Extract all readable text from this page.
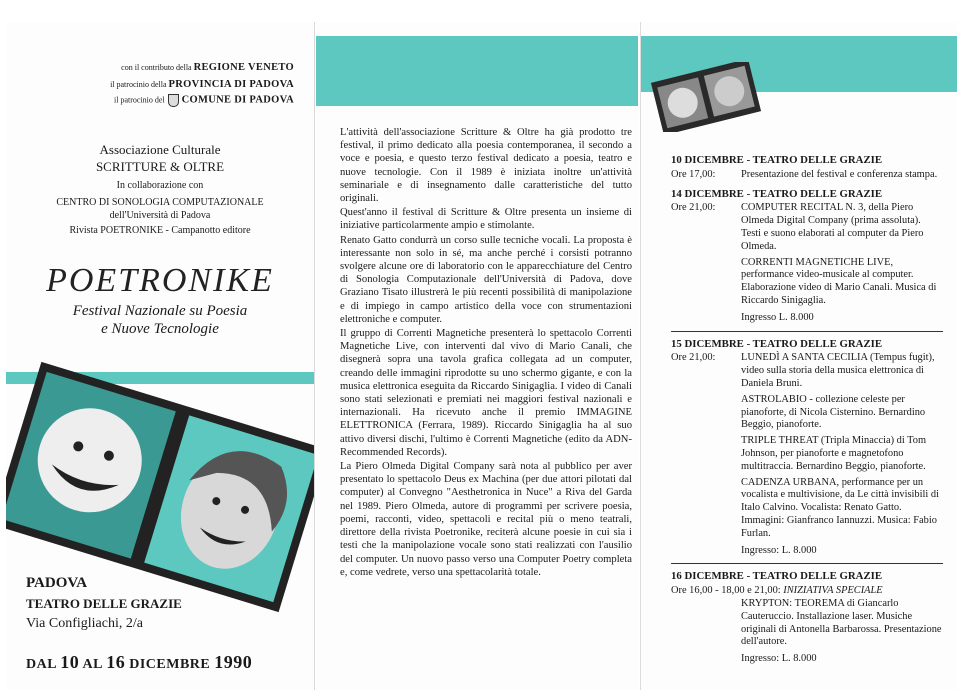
con il contributo della REGIONE VENETO
il patrocinio della PROVINCIA DI PADOVA
il patrocinio del COMUNE DI PADOVA
Associazione Culturale
SCRITTURE & OLTRE
In collaborazione con
CENTRO DI SONOLOGIA COMPUTAZIONALE
dell'Università di Padova
Rivista POETRONIKE - Campanotto editore
POETRONIKE
Festival Nazionale su Poesia
e Nuove Tecnologie
PADOVA
TEATRO DELLE GRAZIE
Via Configliachi, 2/a
DAL 10 AL 16 DICEMBRE 1990

L'attività dell'associazione Scritture & Oltre ha già prodotto tre festival, il primo dedicato alla poesia contemporanea, il secondo a voce e poesia, e questo terzo festival dedicato a poesia, teatro e nuove tecnologie. Con il 1989 è iniziata inoltre un'attività seminariale e di insegnamento dalle caratteristiche del tutto originali.

Quest'anno il festival di Scritture & Oltre presenta un insieme di iniziative particolarmente ampio e stimolante.

Renato Gatto condurrà un corso sulle tecniche vocali. La proposta è interessante non solo in sé, ma anche perché i corsisti potranno svolgere alcune ore di laboratorio con le apparecchiature del Centro di Sonologia Computazionale dell'Università di Padova, dove Graziano Tisato illustrerà le più recenti possibilità di manipolazione e di impiego in campo artistico della voce con strumentazioni elettroniche e computer.

Il gruppo di Correnti Magnetiche presenterà lo spettacolo Correnti Magnetiche Live, con interventi dal vivo di Mario Canali, che disegnerà sopra una tavola grafica collegata ad un computer, creando delle immagini riprodotte su uno schermo gigante, e con la musica elettronica eseguita da Riccardo Sinigaglia. I video di Canali sono stati selezionati e premiati nei maggiori festival nazionali e internazionali. Ha ricevuto anche il premio IMMAGINE ELETTRONICA (Ferrara, 1989). Riccardo Sinigaglia ha al suo attivo diversi dischi, l'ultimo è Correnti Magnetiche (edito da ADN-Recommended Records).

La Piero Olmeda Digital Company sarà nota al pubblico per aver presentato lo spettacolo Deus ex Machina (per due attori pilotati dal computer) al Convegno "Aesthetronica in Nuce" a Riva del Garda nel 1989. Piero Olmeda, autore di programmi per scrivere poesia, poemi, racconti, video, spettacoli e recital più o meno teatrali, direttore della rivista Poetronike, reciterà alcune poesie in cui sia i testi che la manipolazione vocale sono stati realizzati con l'ausilio del computer. Un nuovo passo verso una Computer Poetry completa e, come vedrete, verso una spettacolarità totale.

10 DICEMBRE - TEATRO DELLE GRAZIE
Ore 17,00:	Presentazione del festival e conferenza stampa.
14 DICEMBRE - TEATRO DELLE GRAZIE
Ore 21,00:	COMPUTER RECITAL N. 3, della Piero Olmeda Digital Company (prima assoluta). Testi e suono elaborati al computer da Piero Olmeda.
CORRENTI MAGNETICHE LIVE, performance video-musicale al computer. Elaborazione video di Mario Canali. Musica di Riccardo Sinigaglia.
Ingresso L. 8.000
15 DICEMBRE - TEATRO DELLE GRAZIE
Ore 21,00:	LUNEDÌ A SANTA CECILIA (Tempus fugit), video sulla storia della musica elettronica di Daniela Bruni.
ASTROLABIO - collezione celeste per pianoforte, di Nicola Cisternino. Bernardino Beggio, pianoforte.
TRIPLE THREAT (Tripla Minaccia) di Tom Johnson, per pianoforte e magnetofono multitraccia. Bernardino Beggio, pianoforte.
CADENZA URBANA, performance per un vocalista e multivisione, da Le città invisibili di Italo Calvino. Vocalista: Renato Gatto. Immagini: Gianfranco Iannuzzi. Musica: Fabio Furlan.
Ingresso: L. 8.000
16 DICEMBRE - TEATRO DELLE GRAZIE
Ore 16,00 - 18,00 e 21,00: INIZIATIVA SPECIALE
KRYPTON: TEOREMA di Giancarlo Cauteruccio. Installazione laser. Musiche originali di Antonella Barbarossa. Presentazione dell'autore.
Ingresso: L. 8.000
